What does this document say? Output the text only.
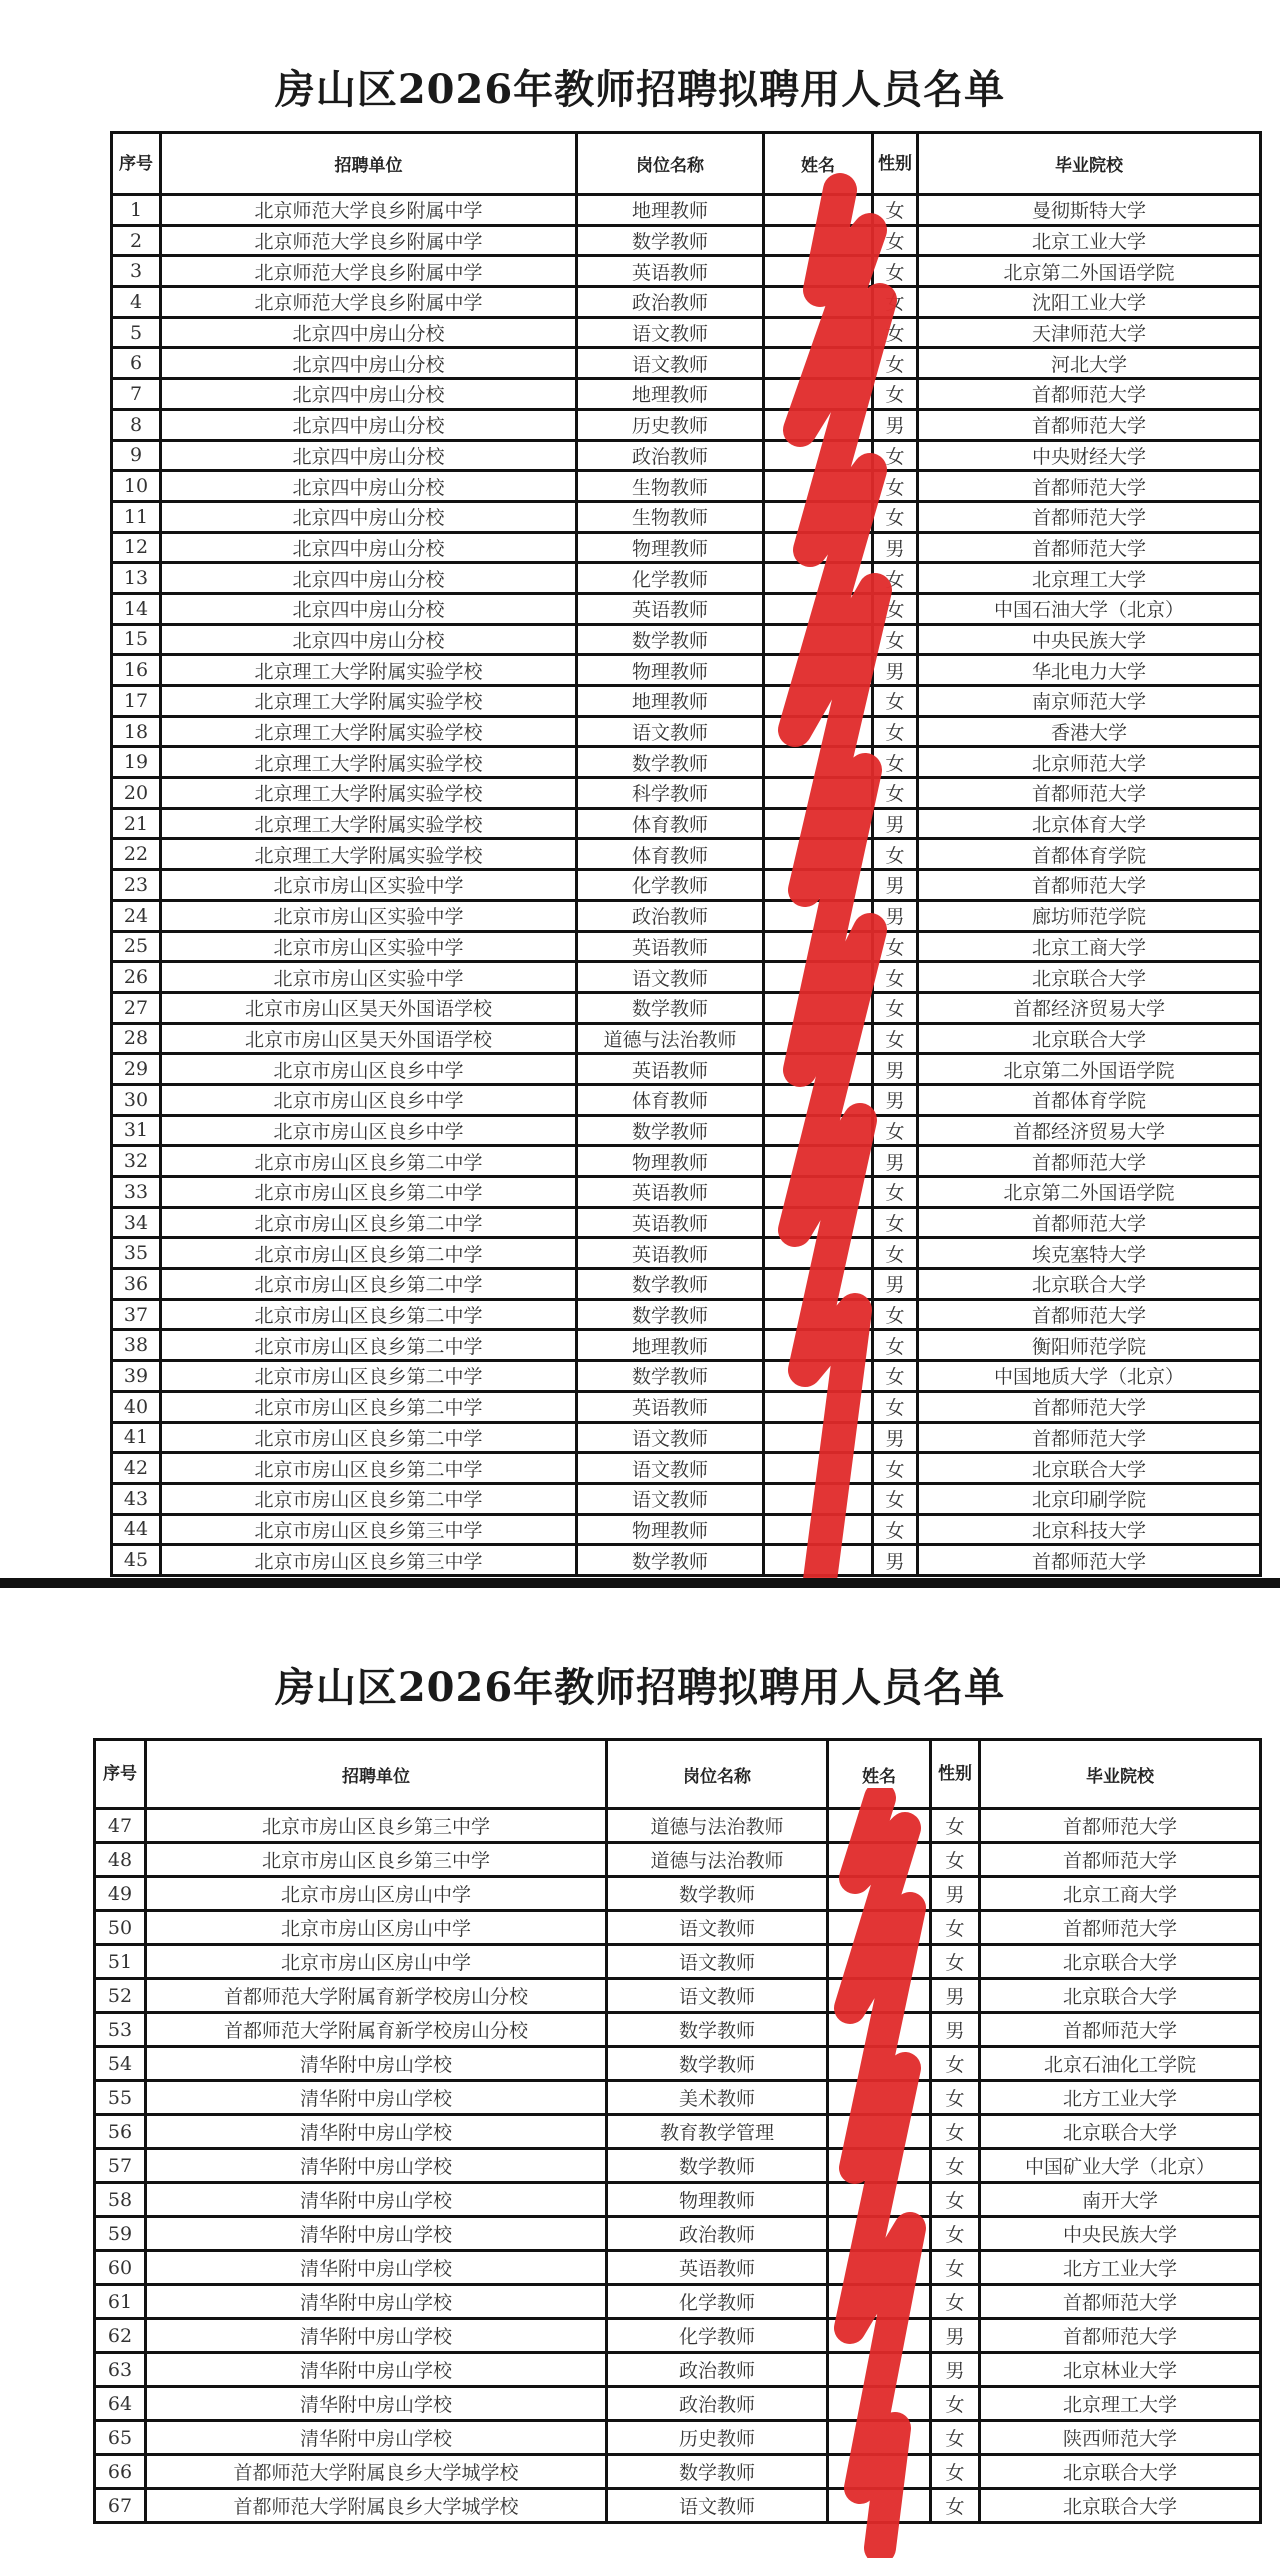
房山区2026年教师招聘拟聘用人员名单
序号	招聘单位	岗位名称	姓名	性别	毕业院校
1	北京师范大学良乡附属中学	地理教师		女	曼彻斯特大学
2	北京师范大学良乡附属中学	数学教师		女	北京工业大学
3	北京师范大学良乡附属中学	英语教师		女	北京第二外国语学院
4	北京师范大学良乡附属中学	政治教师		女	沈阳工业大学
5	北京四中房山分校	语文教师		女	天津师范大学
6	北京四中房山分校	语文教师		女	河北大学
7	北京四中房山分校	地理教师		女	首都师范大学
8	北京四中房山分校	历史教师		男	首都师范大学
9	北京四中房山分校	政治教师		女	中央财经大学
10	北京四中房山分校	生物教师		女	首都师范大学
11	北京四中房山分校	生物教师		女	首都师范大学
12	北京四中房山分校	物理教师		男	首都师范大学
13	北京四中房山分校	化学教师		女	北京理工大学
14	北京四中房山分校	英语教师		女	中国石油大学（北京）
15	北京四中房山分校	数学教师		女	中央民族大学
16	北京理工大学附属实验学校	物理教师		男	华北电力大学
17	北京理工大学附属实验学校	地理教师		女	南京师范大学
18	北京理工大学附属实验学校	语文教师		女	香港大学
19	北京理工大学附属实验学校	数学教师		女	北京师范大学
20	北京理工大学附属实验学校	科学教师		女	首都师范大学
21	北京理工大学附属实验学校	体育教师		男	北京体育大学
22	北京理工大学附属实验学校	体育教师		女	首都体育学院
23	北京市房山区实验中学	化学教师		男	首都师范大学
24	北京市房山区实验中学	政治教师		男	廊坊师范学院
25	北京市房山区实验中学	英语教师		女	北京工商大学
26	北京市房山区实验中学	语文教师		女	北京联合大学
27	北京市房山区昊天外国语学校	数学教师		女	首都经济贸易大学
28	北京市房山区昊天外国语学校	道德与法治教师		女	北京联合大学
29	北京市房山区良乡中学	英语教师		男	北京第二外国语学院
30	北京市房山区良乡中学	体育教师		男	首都体育学院
31	北京市房山区良乡中学	数学教师		女	首都经济贸易大学
32	北京市房山区良乡第二中学	物理教师		男	首都师范大学
33	北京市房山区良乡第二中学	英语教师		女	北京第二外国语学院
34	北京市房山区良乡第二中学	英语教师		女	首都师范大学
35	北京市房山区良乡第二中学	英语教师		女	埃克塞特大学
36	北京市房山区良乡第二中学	数学教师		男	北京联合大学
37	北京市房山区良乡第二中学	数学教师		女	首都师范大学
38	北京市房山区良乡第二中学	地理教师		女	衡阳师范学院
39	北京市房山区良乡第二中学	数学教师		女	中国地质大学（北京）
40	北京市房山区良乡第二中学	英语教师		女	首都师范大学
41	北京市房山区良乡第二中学	语文教师		男	首都师范大学
42	北京市房山区良乡第二中学	语文教师		女	北京联合大学
43	北京市房山区良乡第二中学	语文教师		女	北京印刷学院
44	北京市房山区良乡第三中学	物理教师		女	北京科技大学
45	北京市房山区良乡第三中学	数学教师		男	首都师范大学
房山区2026年教师招聘拟聘用人员名单
序号	招聘单位	岗位名称	姓名	性别	毕业院校
47	北京市房山区良乡第三中学	道德与法治教师		女	首都师范大学
48	北京市房山区良乡第三中学	道德与法治教师		女	首都师范大学
49	北京市房山区房山中学	数学教师		男	北京工商大学
50	北京市房山区房山中学	语文教师		女	首都师范大学
51	北京市房山区房山中学	语文教师		女	北京联合大学
52	首都师范大学附属育新学校房山分校	语文教师		男	北京联合大学
53	首都师范大学附属育新学校房山分校	数学教师		男	首都师范大学
54	清华附中房山学校	数学教师		女	北京石油化工学院
55	清华附中房山学校	美术教师		女	北方工业大学
56	清华附中房山学校	教育教学管理		女	北京联合大学
57	清华附中房山学校	数学教师		女	中国矿业大学（北京）
58	清华附中房山学校	物理教师		女	南开大学
59	清华附中房山学校	政治教师		女	中央民族大学
60	清华附中房山学校	英语教师		女	北方工业大学
61	清华附中房山学校	化学教师		女	首都师范大学
62	清华附中房山学校	化学教师		男	首都师范大学
63	清华附中房山学校	政治教师		男	北京林业大学
64	清华附中房山学校	政治教师		女	北京理工大学
65	清华附中房山学校	历史教师		女	陕西师范大学
66	首都师范大学附属良乡大学城学校	数学教师		女	北京联合大学
67	首都师范大学附属良乡大学城学校	语文教师		女	北京联合大学
